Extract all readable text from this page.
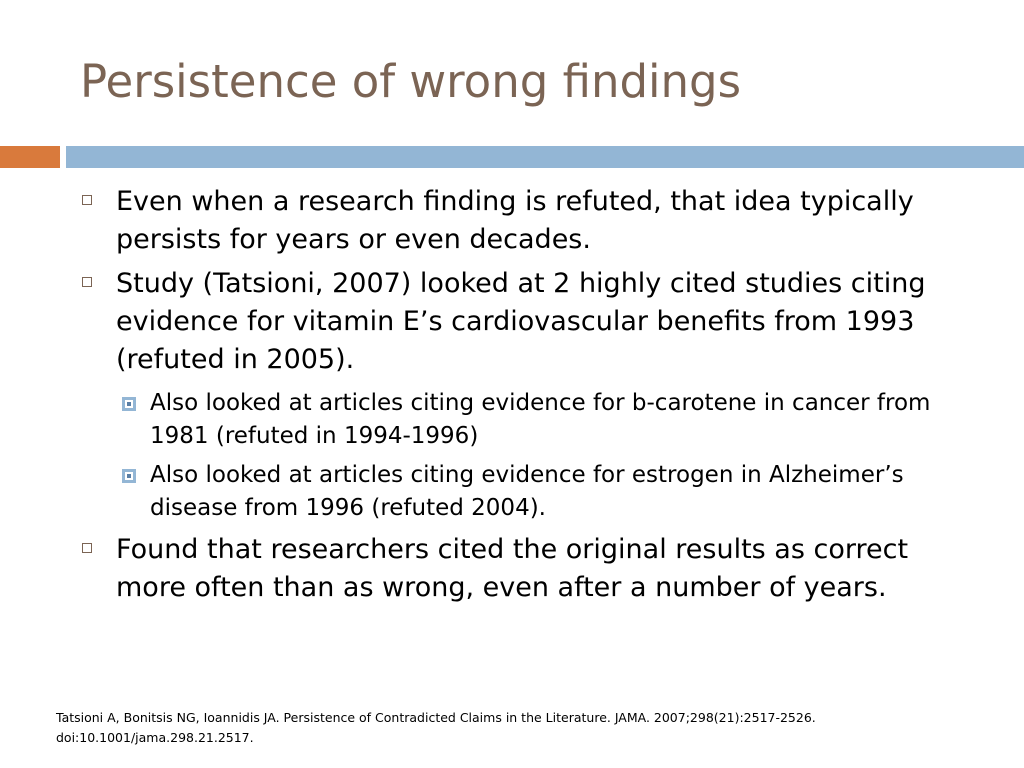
Persistence of wrong findings
Even when a research finding is refuted, that idea typically persists for years or even decades.
Study (Tatsioni, 2007) looked at 2 highly cited studies citing evidence for vitamin E’s cardiovascular benefits from 1993 (refuted in 2005).
Also looked at articles citing evidence for b-carotene in cancer from 1981 (refuted in 1994-1996)
Also looked at articles citing evidence for estrogen in Alzheimer’s disease from 1996 (refuted 2004).
Found that researchers cited the original results as correct more often than as wrong, even after a number of years.
Tatsioni A, Bonitsis NG, Ioannidis JA. Persistence of Contradicted Claims in the Literature. JAMA. 2007;298(21):2517-2526.
doi:10.1001/jama.298.21.2517.
